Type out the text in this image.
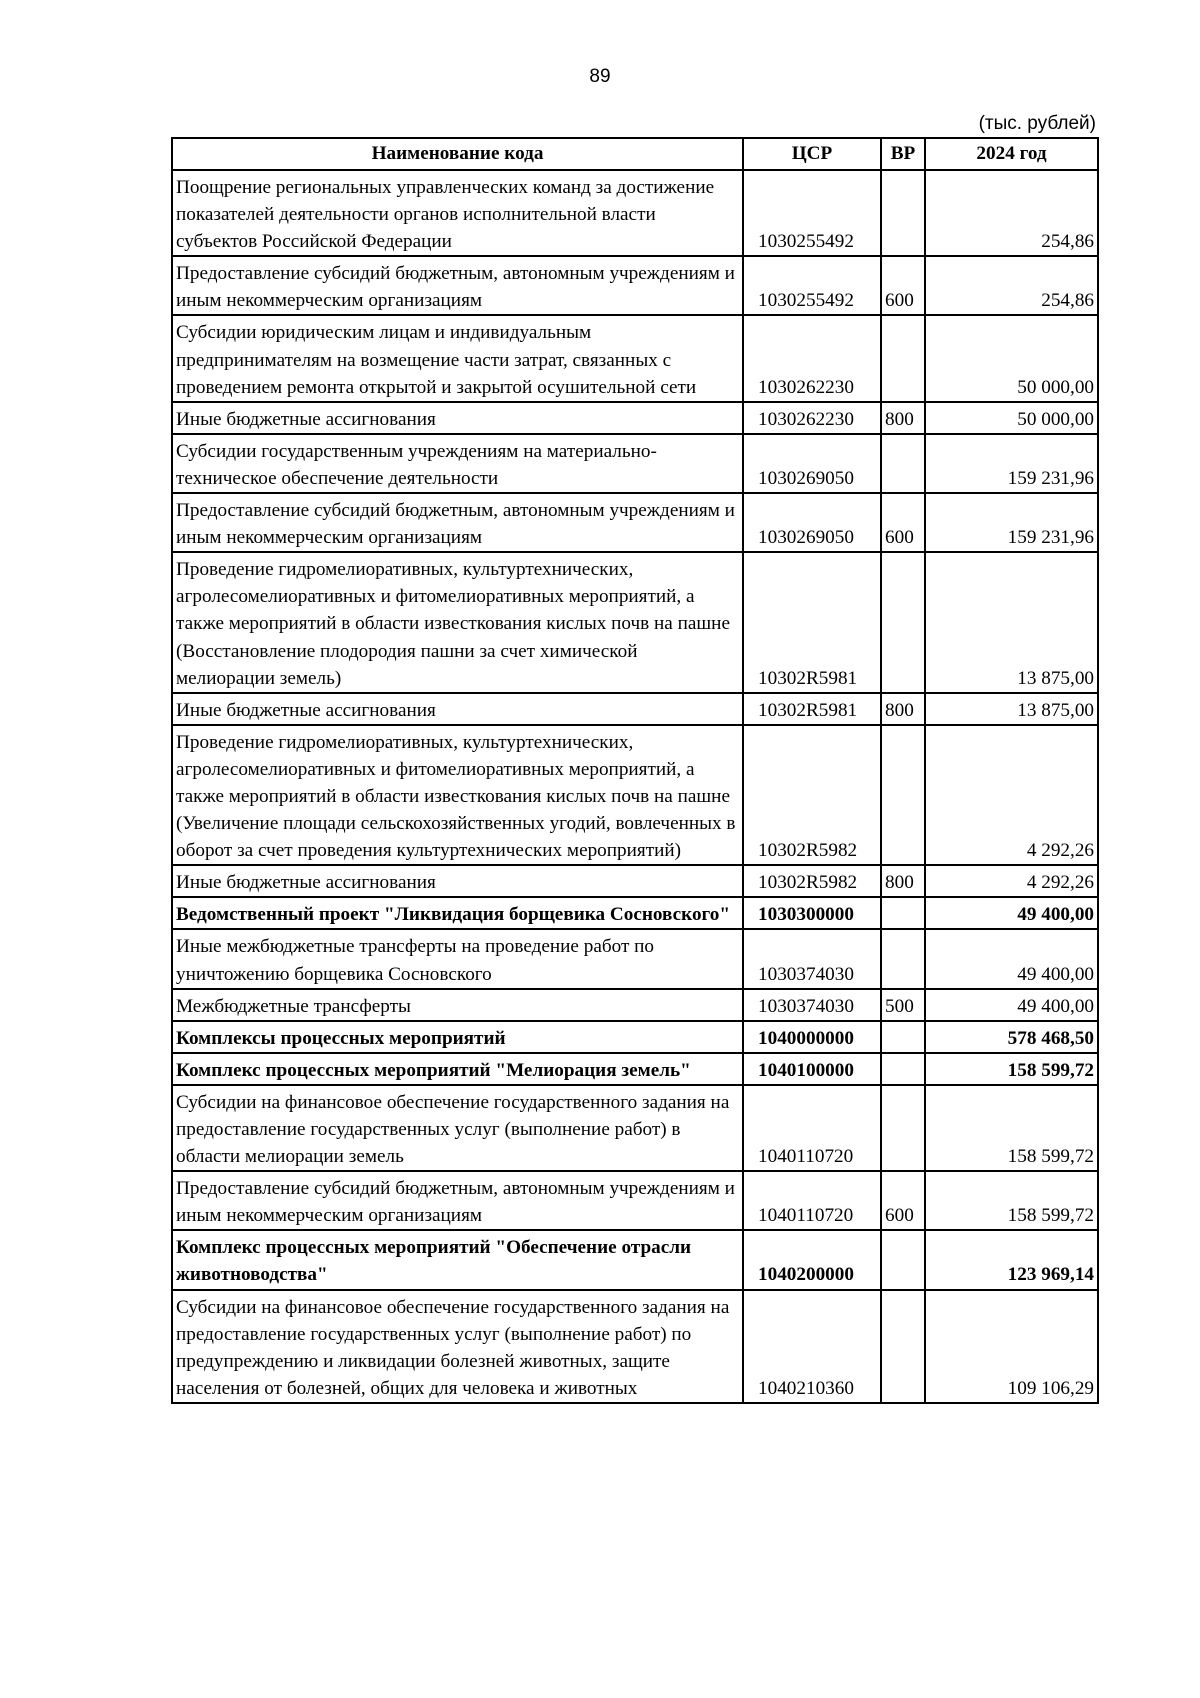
89
(тыс. рублей)
Наименование кода	ЦСР	ВР	2024 год
Поощрение региональных управленческих команд за достижение показателей деятельности органов исполнительной власти субъектов Российской Федерации	1030255492		254,86
Предоставление субсидий бюджетным, автономным учреждениям и иным некоммерческим организациям	1030255492	600	254,86
Субсидии юридическим лицам и индивидуальным предпринимателям на возмещение части затрат, связанных с проведением ремонта открытой и закрытой осушительной сети	1030262230		50 000,00
Иные бюджетные ассигнования	1030262230	800	50 000,00
Субсидии государственным учреждениям на материально-техническое обеспечение деятельности	1030269050		159 231,96
Предоставление субсидий бюджетным, автономным учреждениям и иным некоммерческим организациям	1030269050	600	159 231,96
Проведение гидромелиоративных, культуртехнических, агролесомелиоративных и фитомелиоративных мероприятий, а также мероприятий в области известкования кислых почв на пашне (Восстановление плодородия пашни за счет химической мелиорации земель)	10302R5981		13 875,00
Иные бюджетные ассигнования	10302R5981	800	13 875,00
Проведение гидромелиоративных, культуртехнических, агролесомелиоративных и фитомелиоративных мероприятий, а также мероприятий в области известкования кислых почв на пашне (Увеличение площади сельскохозяйственных угодий, вовлеченных в оборот за счет проведения культуртехнических мероприятий)	10302R5982		4 292,26
Иные бюджетные ассигнования	10302R5982	800	4 292,26
Ведомственный проект "Ликвидация борщевика Сосновского"	1030300000		49 400,00
Иные межбюджетные трансферты на проведение работ по уничтожению борщевика Сосновского	1030374030		49 400,00
Межбюджетные трансферты	1030374030	500	49 400,00
Комплексы процессных мероприятий	1040000000		578 468,50
Комплекс процессных мероприятий "Мелиорация земель"	1040100000		158 599,72
Субсидии на финансовое обеспечение государственного задания на предоставление государственных услуг (выполнение работ) в области мелиорации земель	1040110720		158 599,72
Предоставление субсидий бюджетным, автономным учреждениям и иным некоммерческим организациям	1040110720	600	158 599,72
Комплекс процессных мероприятий "Обеспечение отрасли животноводства"	1040200000		123 969,14
Субсидии на финансовое обеспечение государственного задания на предоставление государственных услуг (выполнение работ) по предупреждению и ликвидации болезней животных, защите населения от болезней, общих для человека и животных	1040210360		109 106,29
